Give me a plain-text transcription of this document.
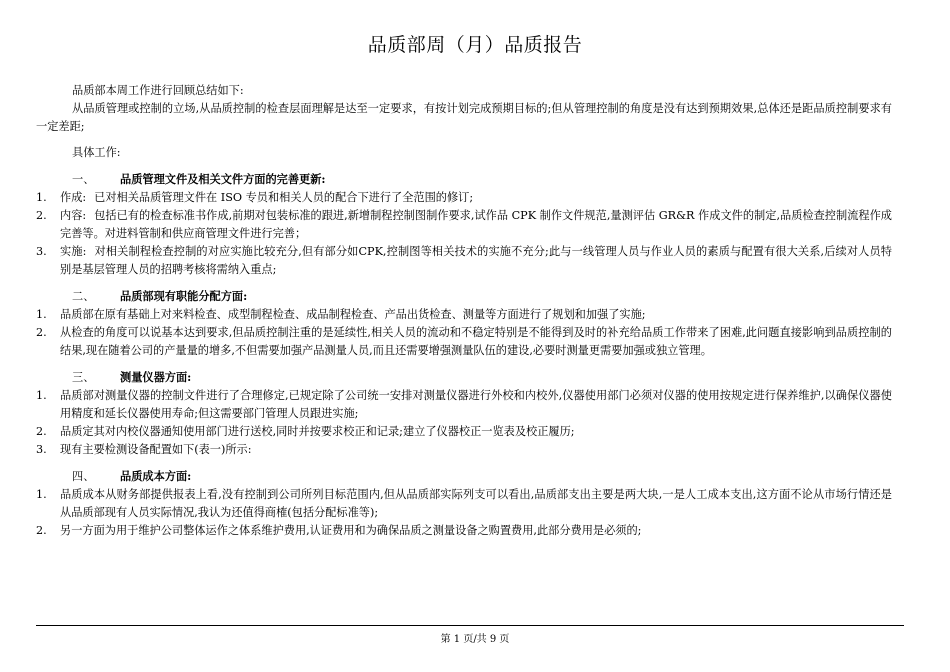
品质部周（月）品质报告
品质部本周工作进行回顾总结如下:
从品质管理或控制的立场,从品质控制的检查层面理解是达至一定要求，有按计划完成预期目标的;但从管理控制的角度是没有达到预期效果,总体还是距品质控制要求有一定差距;
具体工作:
一、	品质管理文件及相关文件方面的完善更新:
1.	作成: 已对相关品质管理文件在 ISO 专员和相关人员的配合下进行了全范围的修订;
2.	内容: 包括已有的检查标准书作成,前期对包装标准的跟进,新增制程控制图制作要求,试作品 CPK 制作文件规范,量测评估 GR&R 作成文件的制定,品质检查控制流程作成完善等。对进料管制和供应商管理文件进行完善；
3.	实施: 对相关制程检查控制的对应实施比较充分,但有部分如CPK,控制图等相关技术的实施不充分;此与一线管理人员与作业人员的素质与配置有很大关系,后续对人员特别是基层管理人员的招聘考核将需纳入重点;
二、	品质部现有职能分配方面:
1.	品质部在原有基础上对来料检查、成型制程检查、成品制程检查、产品出货检查、测量等方面进行了规划和加强了实施;
2.	从检查的角度可以说基本达到要求,但品质控制注重的是延续性,相关人员的流动和不稳定特别是不能得到及时的补充给品质工作带来了困难,此问题直接影响到品质控制的结果,现在随着公司的产量量的增多,不但需要加强产品测量人员,而且还需要增强测量队伍的建设,必要时测量更需要加强或独立管理。
三、	测量仪器方面:
1.	品质部对测量仪器的控制文件进行了合理修定,已规定除了公司统一安排对测量仪器进行外校和内校外,仪器使用部门必须对仪器的使用按规定进行保养维护,以确保仪器使用精度和延长仪器使用寿命;但这需要部门管理人员跟进实施;
2.	品质定其对内校仪器通知使用部门进行送校,同时并按要求校正和记录;建立了仪器校正一览表及校正履历;
3.	现有主要检测设备配置如下(表一)所示:
四、	品质成本方面:
1.	品质成本从财务部提供报表上看,没有控制到公司所列目标范围内,但从品质部实际列支可以看出,品质部支出主要是两大块,一是人工成本支出,这方面不论从市场行情还是从品质部现有人员实际情况,我认为还值得商榷(包括分配标准等);
2.	另一方面为用于维护公司整体运作之体系维护费用,认证费用和为确保品质之测量设备之购置费用,此部分费用是必须的;
第 1 页/共 9 页
